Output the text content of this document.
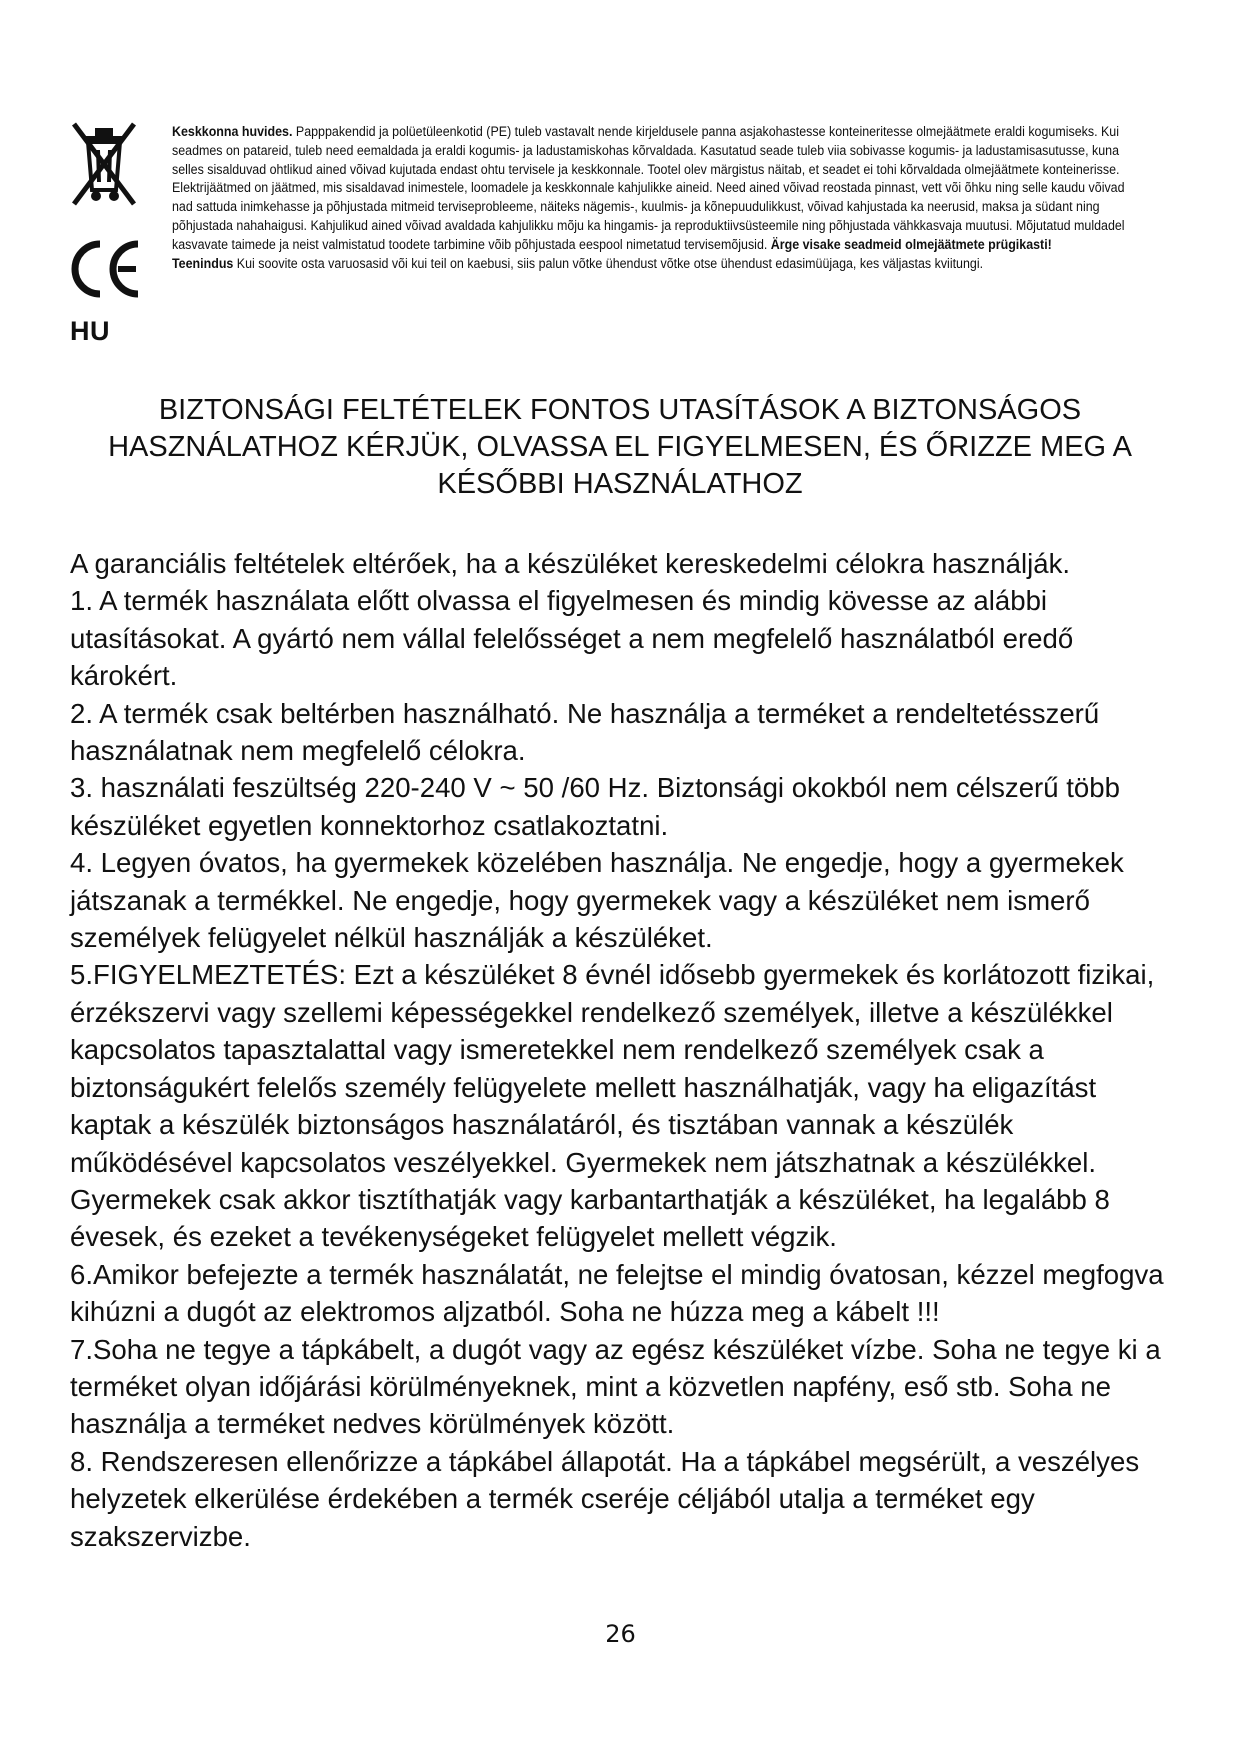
HU
Keskkonna huvides. Papppakendid ja polüetüleenkotid (PE) tuleb vastavalt nende kirjeldusele panna asjakohastesse konteineritesse olmejäätmete eraldi kogumiseks. Kui seadmes on patareid, tuleb need eemaldada ja eraldi kogumis- ja ladustamiskohas kõrvaldada. Kasutatud seade tuleb viia sobivasse kogumis- ja ladustamisasutusse, kuna selles sisalduvad ohtlikud ained võivad kujutada endast ohtu tervisele ja keskkonnale. Tootel olev märgistus näitab, et seadet ei tohi kõrvaldada olmejäätmete konteinerisse. Elektrijäätmed on jäätmed, mis sisaldavad inimestele, loomadele ja keskkonnale kahjulikke aineid. Need ained võivad reostada pinnast, vett või õhku ning selle kaudu võivad nad sattuda inimkehasse ja põhjustada mitmeid terviseprobleeme, näiteks nägemis-, kuulmis- ja kõnepuudulikkust, võivad kahjustada ka neerusid, maksa ja südant ning põhjustada nahahaigusi. Kahjulikud ained võivad avaldada kahjulikku mõju ka hingamis- ja reproduktiivsüsteemile ning põhjustada vähkkasvaja muutusi. Mõjutatud muldadel kasvavate taimede ja neist valmistatud toodete tarbimine võib põhjustada eespool nimetatud tervisemõjusid. Ärge visake seadmeid olmejäätmete prügikasti!
Teenindus Kui soovite osta varuosasid või kui teil on kaebusi, siis palun võtke ühendust võtke otse ühendust edasimüüjaga, kes väljastas kviitungi.
BIZTONSÁGI FELTÉTELEK FONTOS UTASÍTÁSOK A BIZTONSÁGOS
HASZNÁLATHOZ KÉRJÜK, OLVASSA EL FIGYELMESEN, ÉS ŐRIZZE MEG A
KÉSŐBBI HASZNÁLATHOZ

A garanciális feltételek eltérőek, ha a készüléket kereskedelmi célokra használják.

1. A termék használata előtt olvassa el figyelmesen és mindig kövesse az alábbi utasításokat. A gyártó nem vállal felelősséget a nem megfelelő használatból eredő károkért.

2. A termék csak beltérben használható. Ne használja a terméket a rendeltetésszerű használatnak nem megfelelő célokra.

3. használati feszültség 220-240 V ~ 50 /60 Hz. Biztonsági okokból nem célszerű több készüléket egyetlen konnektorhoz csatlakoztatni.

4. Legyen óvatos, ha gyermekek közelében használja. Ne engedje, hogy a gyermekek játszanak a termékkel. Ne engedje, hogy gyermekek vagy a készüléket nem ismerő személyek felügyelet nélkül használják a készüléket.

5.FIGYELMEZTETÉS: Ezt a készüléket 8 évnél idősebb gyermekek és korlátozott fizikai, érzékszervi vagy szellemi képességekkel rendelkező személyek, illetve a készülékkel kapcsolatos tapasztalattal vagy ismeretekkel nem rendelkező személyek csak a biztonságukért felelős személy felügyelete mellett használhatják, vagy ha eligazítást kaptak a készülék biztonságos használatáról, és tisztában vannak a készülék működésével kapcsolatos veszélyekkel. Gyermekek nem játszhatnak a készülékkel. Gyermekek csak akkor tisztíthatják vagy karbantarthatják a készüléket, ha legalább 8 évesek, és ezeket a tevékenységeket felügyelet mellett végzik.

6.Amikor befejezte a termék használatát, ne felejtse el mindig óvatosan, kézzel megfogva kihúzni a dugót az elektromos aljzatból. Soha ne húzza meg a kábelt !!!

7.Soha ne tegye a tápkábelt, a dugót vagy az egész készüléket vízbe. Soha ne tegye ki a terméket olyan időjárási körülményeknek, mint a közvetlen napfény, eső stb. Soha ne használja a terméket nedves körülmények között.

8. Rendszeresen ellenőrizze a tápkábel állapotát. Ha a tápkábel megsérült, a veszélyes helyzetek elkerülése érdekében a termék cseréje céljából utalja a terméket egy szakszervizbe.

26
